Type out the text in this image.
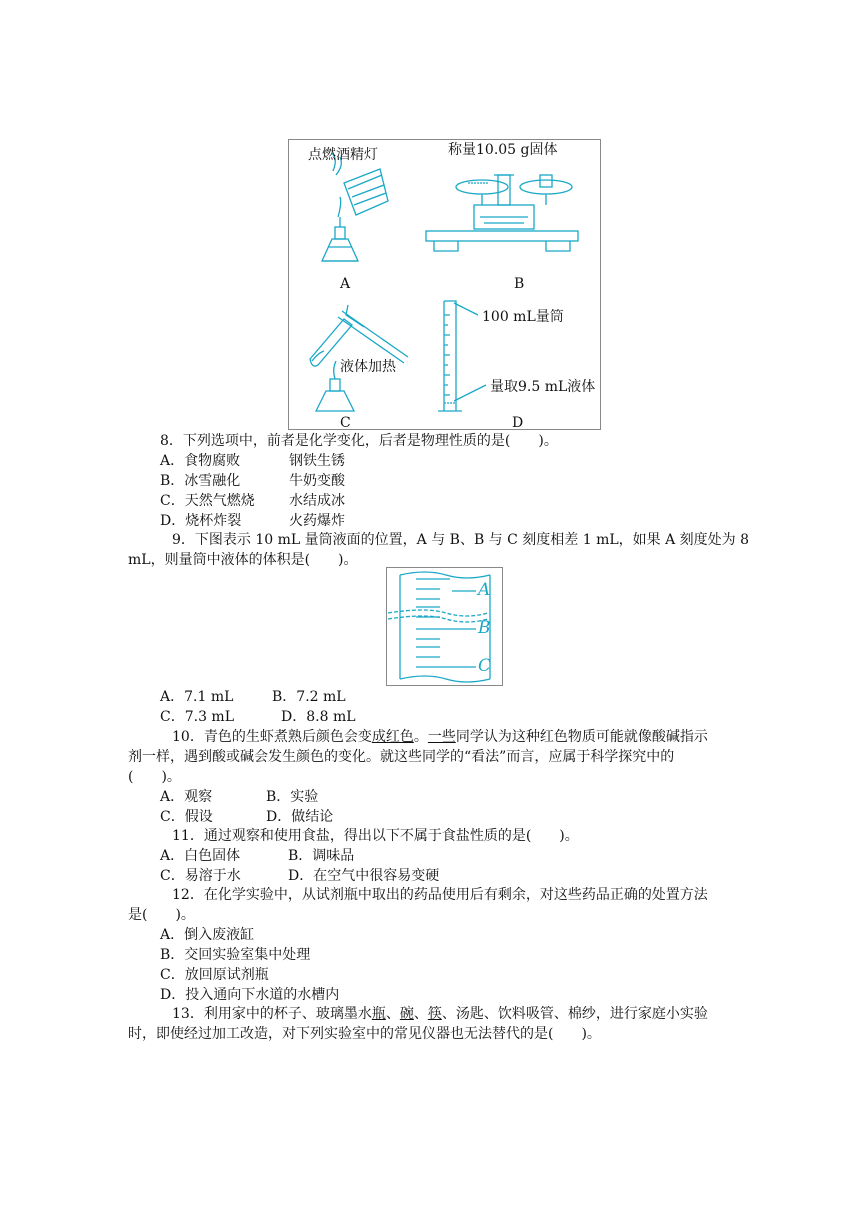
点燃酒精灯
A
称量10.05 g固体
B
液体加热
C
100 mL量筒
量取9.5 mL液体
D
8．下列选项中，前者是化学变化，后者是物理性质的是(　　)。
A．食物腐败	钢铁生锈
B．冰雪融化	牛奶变酸
C．天然气燃烧 水结成冰
D．烧杯炸裂	火药爆炸
9．下图表示 10 mL 量筒液面的位置，A 与 B、B 与 C 刻度相差 1 mL，如果 A 刻度处为 8
mL，则量筒中液体的体积是(　　)。
A
B
C
A．7.1 mL	B．7.2 mL
C．7.3 mL	D．8.8 mL
10．青色的生虾煮熟后颜色会变成红色。一些同学认为这种红色物质可能就像酸碱指示
剂一样，遇到酸或碱会发生颜色的变化。就这些同学的“看法”而言，应属于科学探究中的
(　　)。
A．观察	B．实验
C．假设	D．做结论
11．通过观察和使用食盐，得出以下不属于食盐性质的是(　　)。
A．白色固体	B．调味品
C．易溶于水	D．在空气中很容易变硬
12．在化学实验中，从试剂瓶中取出的药品使用后有剩余，对这些药品正确的处置方法
是(　　)。
A．倒入废液缸
B．交回实验室集中处理
C．放回原试剂瓶
D．投入通向下水道的水槽内
13．利用家中的杯子、玻璃墨水瓶、碗、筷、汤匙、饮料吸管、棉纱，进行家庭小实验
时，即使经过加工改造，对下列实验室中的常见仪器也无法替代的是(　　)。
